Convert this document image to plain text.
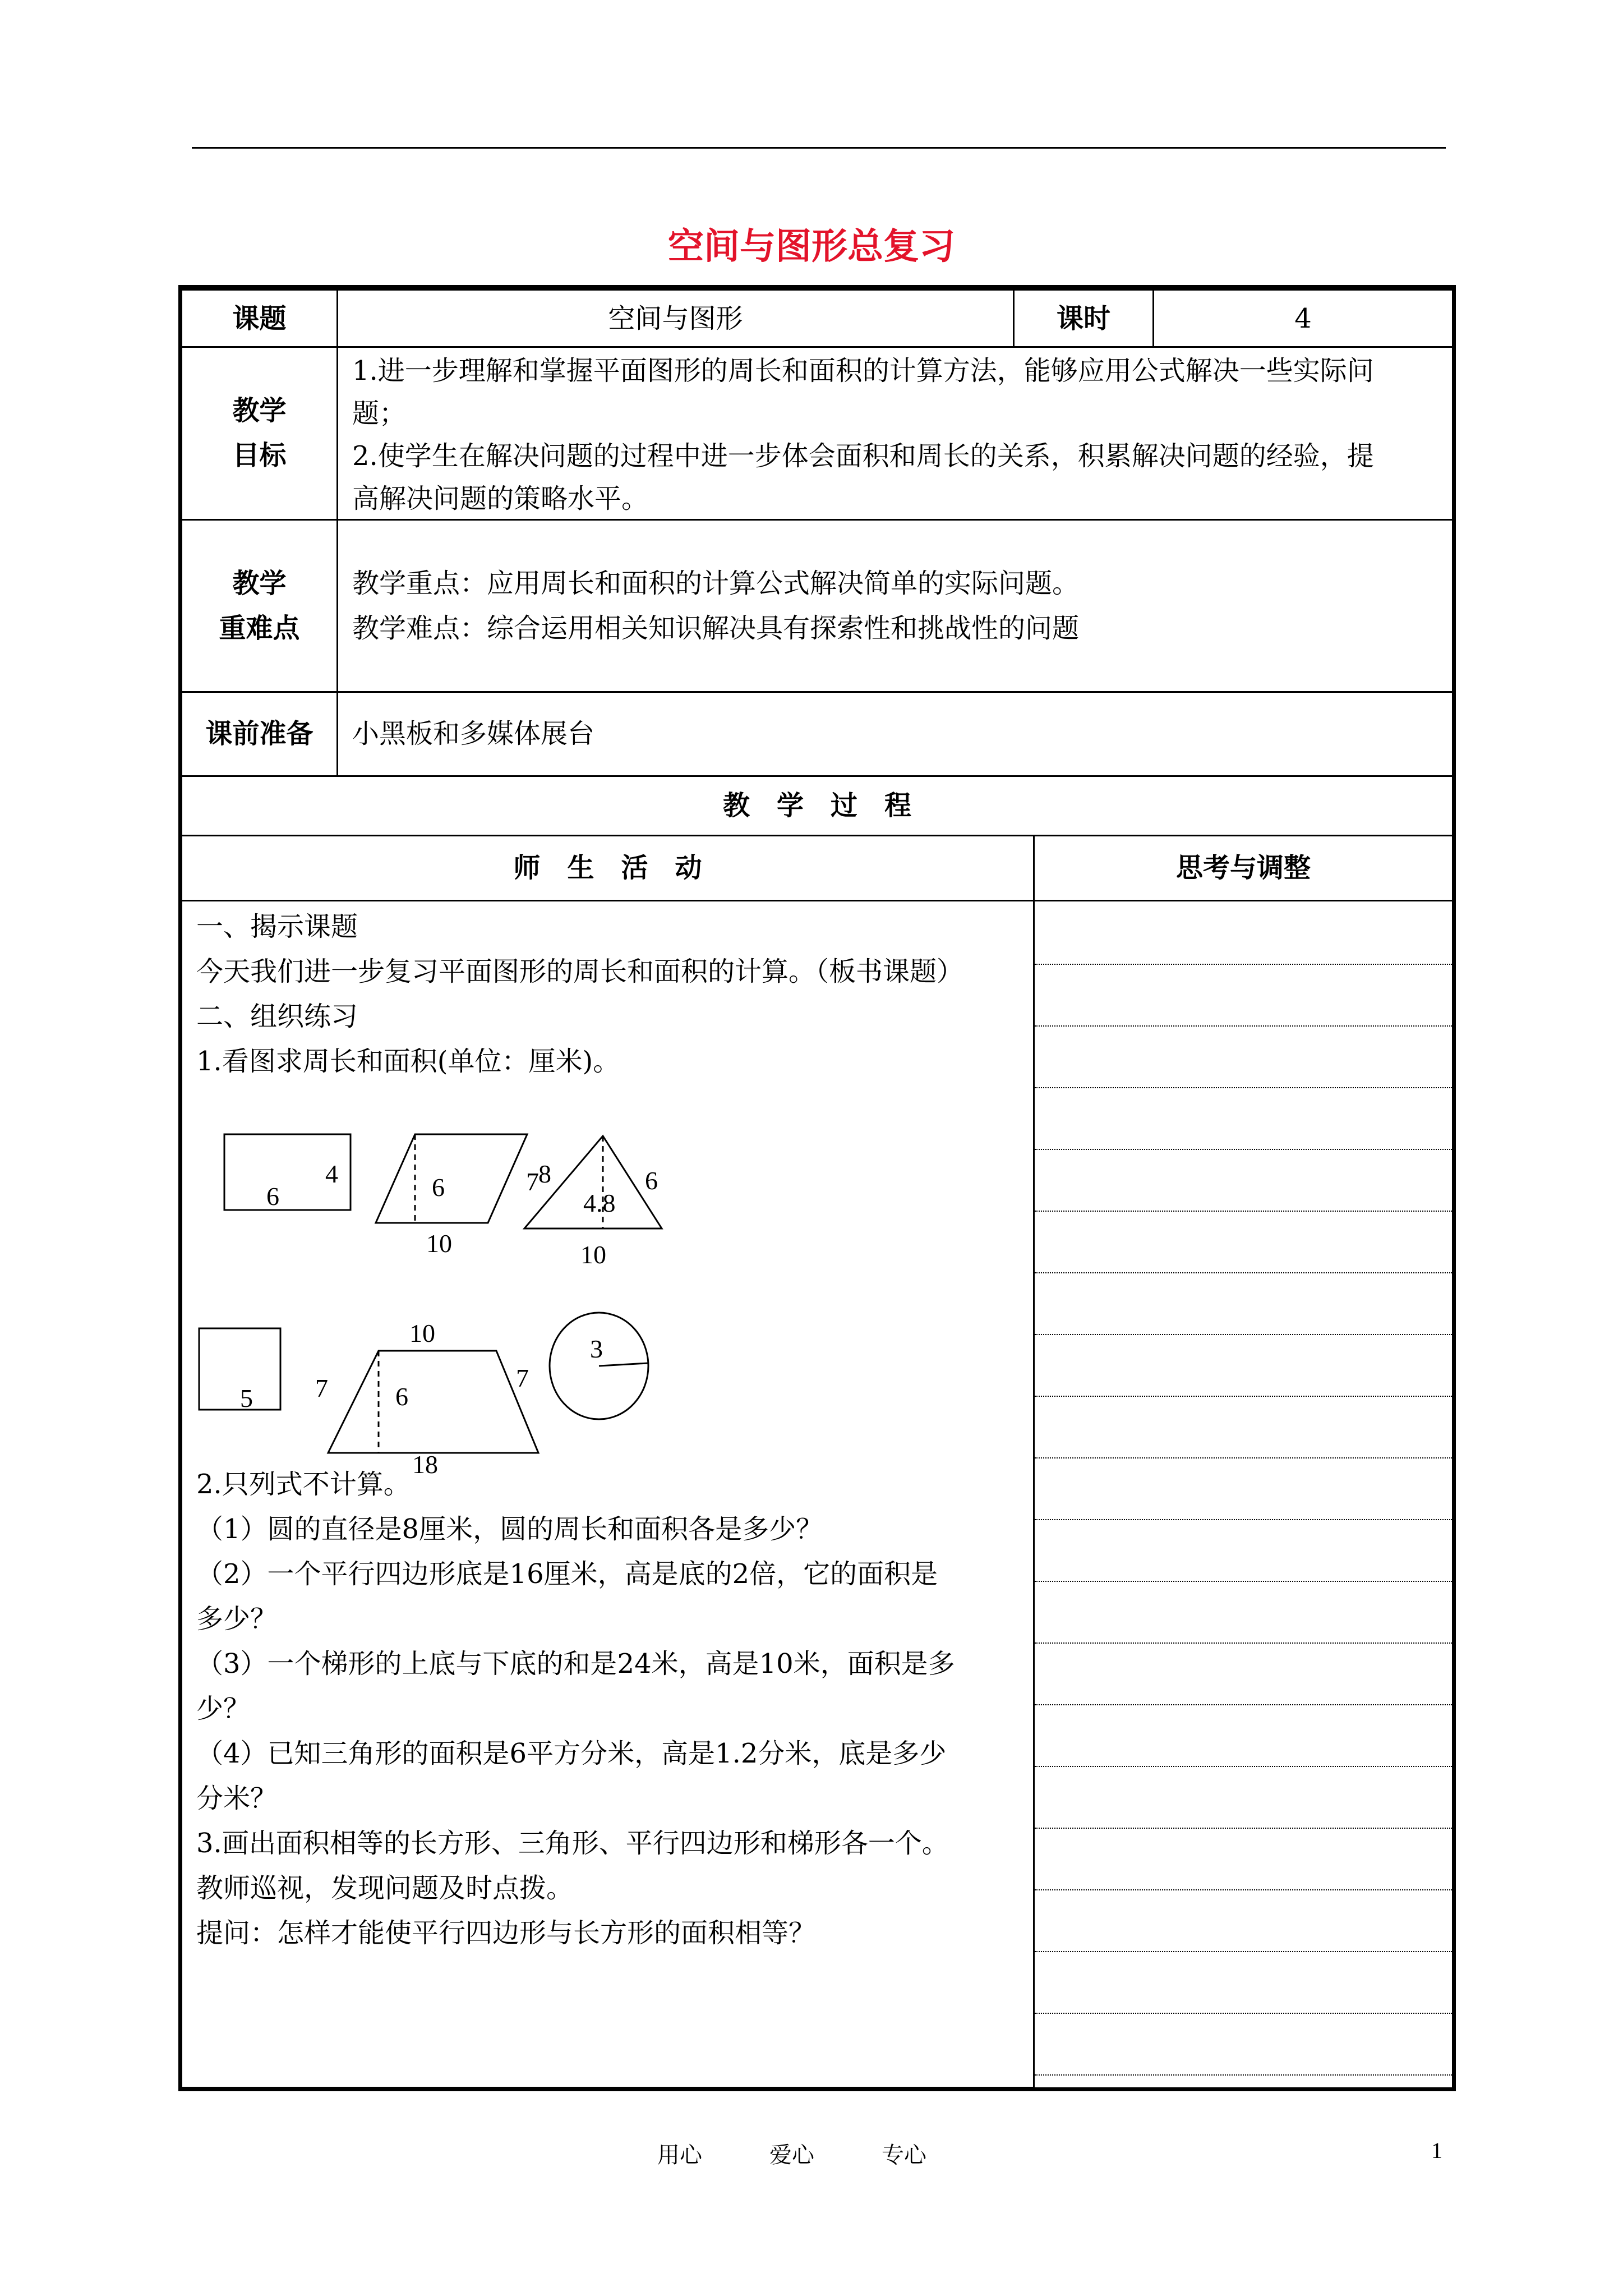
空间与图形总复习
课题	空间与图形	课时	4
教学
目标
1.进一步理解和掌握平面图形的周长和面积的计算方法，能够应用公式解决一些实际问
题；
2.使学生在解决问题的过程中进一步体会面积和周长的关系，积累解决问题的经验，提
高解决问题的策略水平。
教学
重难点
教学重点：应用周长和面积的计算公式解决简单的实际问题。
教学难点：综合运用相关知识解决具有探索性和挑战性的问题
课前准备	小黑板和多媒体展台
教　学　过　程
师　生　活　动	思考与调整
一、揭示课题
今天我们进一步复习平面图形的周长和面积的计算。（板书课题）
二、组织练习
1.看图求周长和面积(单位：厘米)。
4
6	6
10
7 8
4.8
6
10
5
10
7	6
7
18
3
2.只列式不计算。
（1）圆的直径是8厘米，圆的周长和面积各是多少？
（2）一个平行四边形底是16厘米，高是底的2倍，它的面积是
多少？
（3）一个梯形的上底与下底的和是24米，高是10米，面积是多
少？
（4）已知三角形的面积是6平方分米，高是1.2分米，底是多少
分米？
3.画出面积相等的长方形、三角形、平行四边形和梯形各一个。
教师巡视，发现问题及时点拨。
提问：怎样才能使平行四边形与长方形的面积相等？
用心	爱心	专心	1
